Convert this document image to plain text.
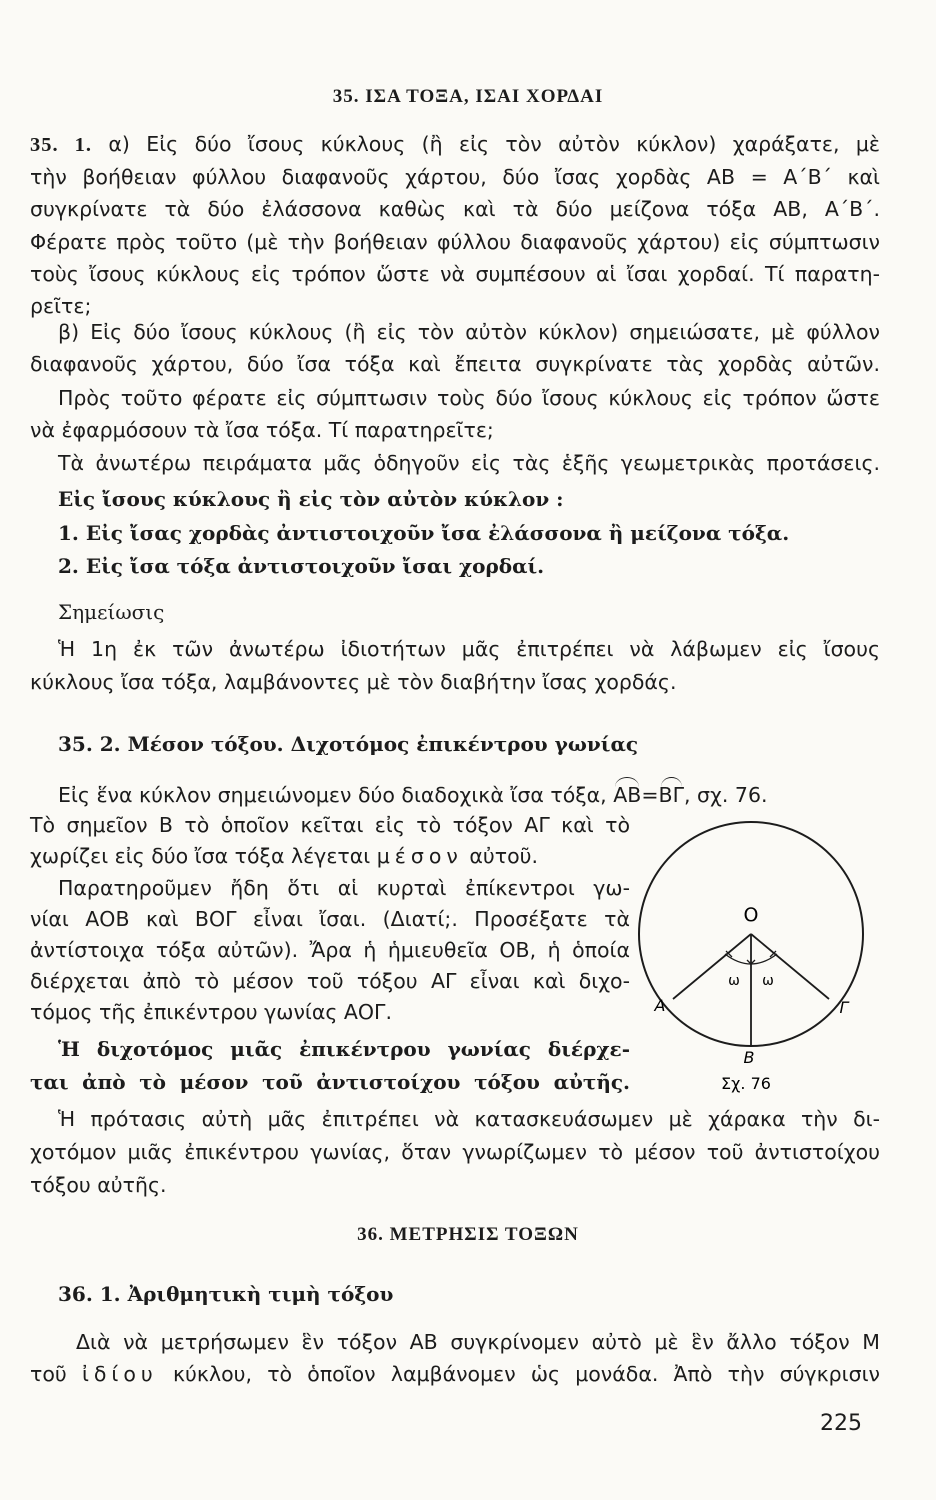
35. ΙΣΑ ΤΟΞΑ, ΙΣΑΙ ΧΟΡΔΑΙ
35. 1. α) Εἰς δύο ἴσους κύκλους (ἢ εἰς τὸν αὐτὸν κύκλον) χαράξατε, μὲ
τὴν βοήθειαν φύλλου διαφανοῦς χάρτου, δύο ἴσας χορδὰς ΑΒ = Α΄Β΄ καὶ
συγκρίνατε τὰ δύο ἐλάσσονα καθὼς καὶ τὰ δύο μείζονα τόξα ΑΒ, Α΄Β΄.
Φέρατε πρὸς τοῦτο (μὲ τὴν βοήθειαν φύλλου διαφανοῦς χάρτου) εἰς σύμπτωσιν
τοὺς ἴσους κύκλους εἰς τρόπον ὥστε νὰ συμπέσουν αἱ ἴσαι χορδαί. Τί παρατη-
ρεῖτε;
β) Εἰς δύο ἴσους κύκλους (ἢ εἰς τὸν αὐτὸν κύκλον) σημειώσατε, μὲ φύλλον
διαφανοῦς χάρτου, δύο ἴσα τόξα καὶ ἔπειτα συγκρίνατε τὰς χορδὰς αὐτῶν.
Πρὸς τοῦτο φέρατε εἰς σύμπτωσιν τοὺς δύο ἴσους κύκλους εἰς τρόπον ὥστε
νὰ ἐφαρμόσουν τὰ ἴσα τόξα. Τί παρατηρεῖτε;
Τὰ ἀνωτέρω πειράματα μᾶς ὁδηγοῦν εἰς τὰς ἑξῆς γεωμετρικὰς προτάσεις.
Εἰς ἴσους κύκλους ἢ εἰς τὸν αὐτὸν κύκλον :
1. Εἰς ἴσας χορδὰς ἀντιστοιχοῦν ἴσα ἐλάσσονα ἢ μείζονα τόξα.
2. Εἰς ἴσα τόξα ἀντιστοιχοῦν ἴσαι χορδαί.
Σημείωσις
Ἡ 1η ἐκ τῶν ἀνωτέρω ἰδιοτήτων μᾶς ἐπιτρέπει νὰ λάβωμεν εἰς ἴσους
κύκλους ἴσα τόξα, λαμβάνοντες μὲ τὸν διαβήτην ἴσας χορδάς.
35. 2. Μέσον τόξου. Διχοτόμος ἐπικέντρου γωνίας
Εἰς ἕνα κύκλον σημειώνομεν δύο διαδοχικὰ ἴσα τόξα, ΑΒ=ΒΓ, σχ. 76.
Τὸ σημεῖον Β τὸ ὁποῖον κεῖται εἰς τὸ τόξον ΑΓ καὶ τὸ
χωρίζει εἰς δύο ἴσα τόξα λέγεται μέσον αὐτοῦ.
Παρατηροῦμεν ἤδη ὅτι αἱ κυρταὶ ἐπίκεντροι γω-
νίαι ΑΟΒ καὶ ΒΟΓ εἶναι ἴσαι. (Διατί;. Προσέξατε τὰ
ἀντίστοιχα τόξα αὐτῶν). Ἄρα ἡ ἡμιευθεῖα ΟΒ, ἡ ὁποία
διέρχεται ἀπὸ τὸ μέσον τοῦ τόξου ΑΓ εἶναι καὶ διχο-
τόμος τῆς ἐπικέντρου γωνίας ΑΟΓ.
Ἡ διχοτόμος μιᾶς ἐπικέντρου γωνίας διέρχε-
ται ἀπὸ τὸ μέσον τοῦ ἀντιστοίχου τόξου αὐτῆς.
Ἡ πρότασις αὐτὴ μᾶς ἐπιτρέπει νὰ κατασκευάσωμεν μὲ χάρακα τὴν δι-
χοτόμον μιᾶς ἐπικέντρου γωνίας, ὅταν γνωρίζωμεν τὸ μέσον τοῦ ἀντιστοίχου
τόξου αὐτῆς.
Ο
Α
Β
Γ
ω ω
Σχ. 76
36. ΜΕΤΡΗΣΙΣ ΤΟΞΩΝ
36. 1. Ἀριθμητικὴ τιμὴ τόξου
Διὰ νὰ μετρήσωμεν ἓν τόξον ΑΒ συγκρίνομεν αὐτὸ μὲ ἓν ἄλλο τόξον Μ
τοῦ ἰδίου κύκλου, τὸ ὁποῖον λαμβάνομεν ὡς μονάδα. Ἀπὸ τὴν σύγκρισιν
225
